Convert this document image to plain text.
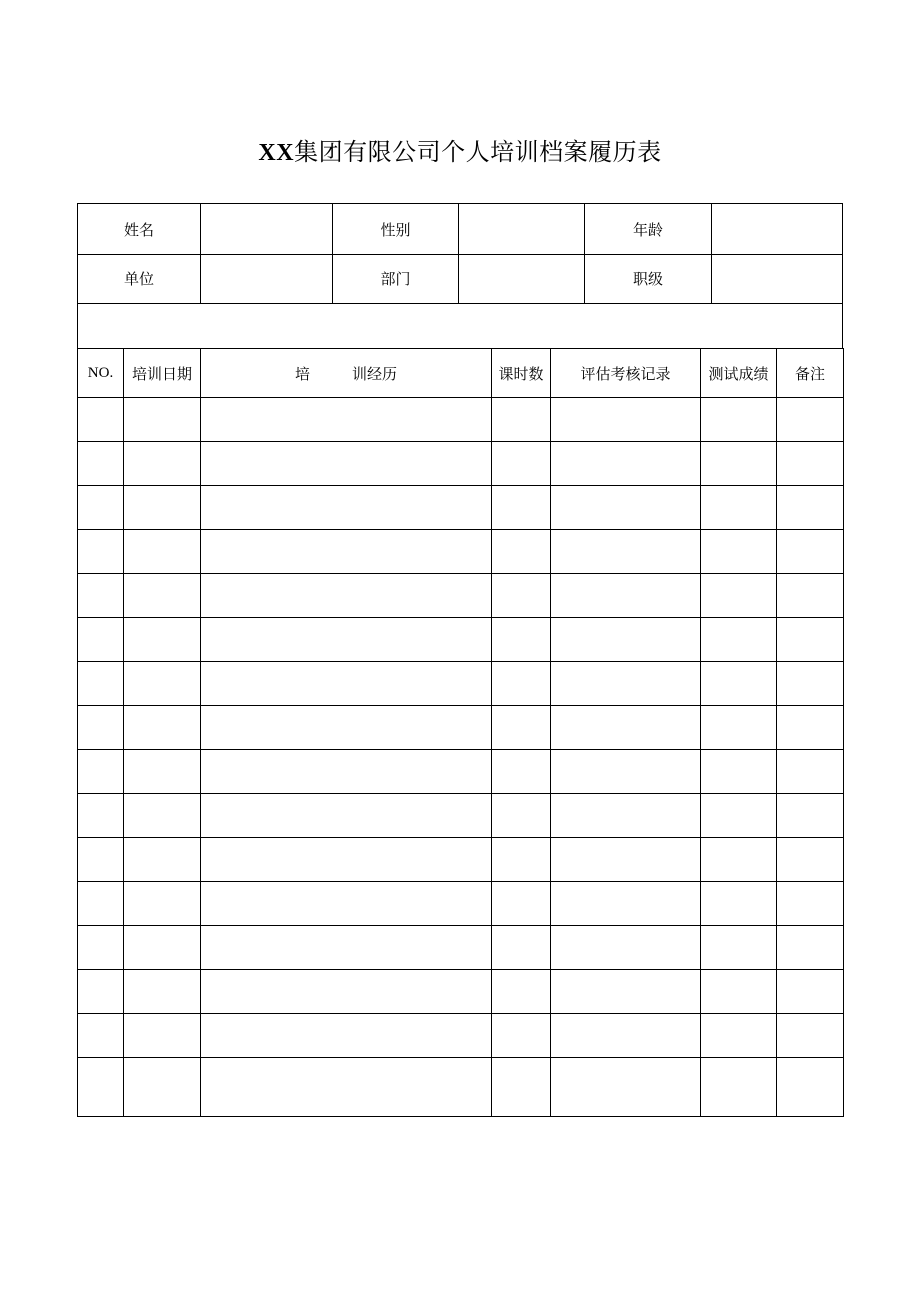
XX集团有限公司个人培训档案履历表
姓名	性别	年龄
单位	部门	职级
NO.	培训日期	培 训经历	课时数	评估考核记录	测试成绩	备注
